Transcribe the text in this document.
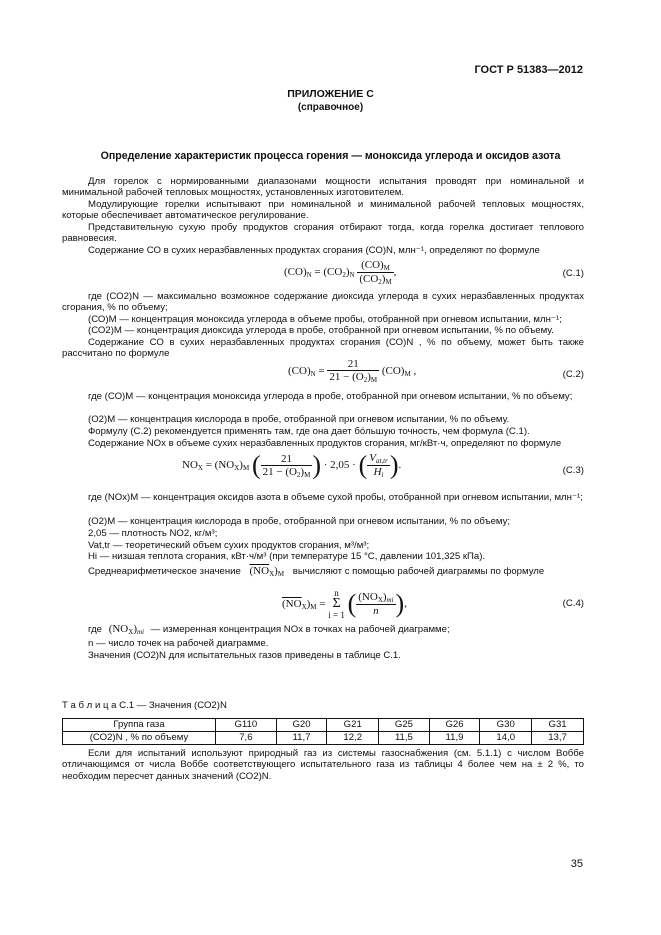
ГОСТ Р 51383—2012
ПРИЛОЖЕНИЕ С
(справочное)
Определение характеристик процесса горения — моноксида углерода и оксидов азота
Для горелок с нормированными диапазонами мощности испытания проводят при номинальной и минимальной рабочей тепловых мощностях, установленных изготовителем.
Модулирующие горелки испытывают при номинальной и минимальной рабочей тепловых мощностях, которые обеспечивает автоматическое регулирование.
Представительную сухую пробу продуктов сгорания отбирают тогда, когда горелка достигает теплового равновесия.
Содержание СО в сухих неразбавленных продуктах сгорания (СО)N, млн⁻¹, определяют по формуле
$(CO)_N = (CO_2)_N \frac{(CO)_M}{(CO_2)_M}$ ,	(С.1)
где (СО2)N — максимально возможное содержание диоксида углерода в сухих неразбавленных продуктах сгорания, % по объему;
(СО)M — концентрация моноксида углерода в объеме пробы, отобранной при огневом испытании, млн⁻¹;
(СО2)M — концентрация диоксида углерода в пробе, отобранной при огневом испытании, % по объему.
Содержание СО в сухих неразбавленных продуктах сгорания (СО)N , % по объему, может быть также рассчитано по формуле
$(CO)_N = \frac{21}{21 - (O_2)_M} (CO)_M$ ,	(С.2)
где (СО)M — концентрация моноксида углерода в пробе, отобранной при огневом испытании, % по объему;
(О2)M — концентрация кислорода в пробе, отобранной при огневом испытании, % по объему.
Формулу (С.2) рекомендуется применять там, где она дает бо́льшую точность, чем формула (С.1).
Содержание NOx в объеме сухих неразбавленных продуктов сгорания, мг/кВт·ч, определяют по формуле
$NO_X = (NO_X)_M$ ( $\frac{21}{21 - (O_2)_M}$ ) · 2,05 · ( $\frac{V_{at,tr}}{H_i}$ ).	(С.3)
где (NOx)M — концентрация оксидов азота в объеме сухой пробы, отобранной при огневом испытании, млн⁻¹;
(О2)M — концентрация кислорода в пробе, отобранной при огневом испытании, % по объему;
2,05 — плотность NO2, кг/м³;
Vat,tr — теоретический объем сухих продуктов сгорания, м³/м³;
Hi — низшая теплота сгорания, кВт·ч/м³ (при температуре 15 °С, давлении 101,325 кПа).
Среднеарифметическое значение $(NO_X)_M$ вычисляют с помощью рабочей диаграммы по формуле
$(NO_X)_M$ =
n
Σ
i = 1 ( $\frac{(NO_X)_{mi}}{n}$ ),	(С.4)
где $(NO_X)_{mi}$ — измеренная концентрация NOx в точках на рабочей диаграмме;
n — число точек на рабочей диаграмме.
Значения (СО2)N для испытательных газов приведены в таблице С.1.
Т а б л и ц а С.1 — Значения (СО2)N
Группа газа	G110	G20	G21	G25	G26	G30	G31
(СО2)N , % по объему	7,6	11,7	12,2	11,5	11,9	14,0	13,7
Если для испытаний используют природный газ из системы газоснабжения (см. 5.1.1) с числом Воббе отличающимся от числа Воббе соответствующего испытательного газа из таблицы 4 более чем на ± 2 %, то необходим пересчет данных значений (СО2)N.
35
